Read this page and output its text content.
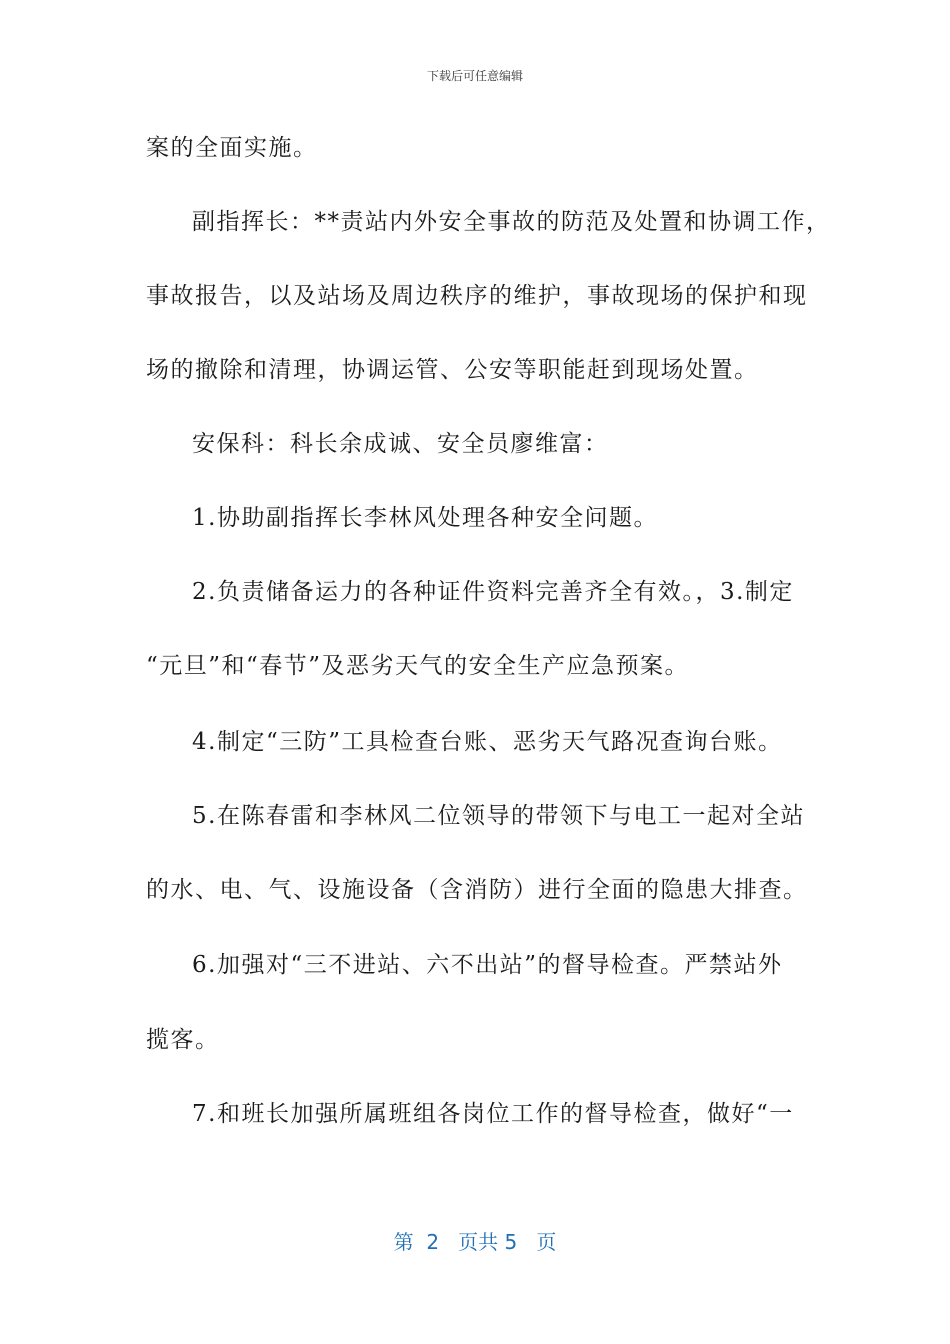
下载后可任意编辑
案的全面实施。
副指挥长：**责站内外安全事故的防范及处置和协调工作，
事故报告，以及站场及周边秩序的维护，事故现场的保护和现
场的撤除和清理，协调运管、公安等职能赶到现场处置。
安保科：科长余成诚、安全员廖维富：
1.协助副指挥长李林风处理各种安全问题。
2.负责储备运力的各种证件资料完善齐全有效。，3.制定
“元旦”和“春节”及恶劣天气的安全生产应急预案。
4.制定“三防”工具检查台账、恶劣天气路况查询台账。
5.在陈春雷和李林风二位领导的带领下与电工一起对全站
的水、电、气、设施设备（含消防）进行全面的隐患大排查。
6.加强对“三不进站、六不出站”的督导检查。严禁站外
揽客。
7.和班长加强所属班组各岗位工作的督导检查，做好“一
第  2   页共 5   页
